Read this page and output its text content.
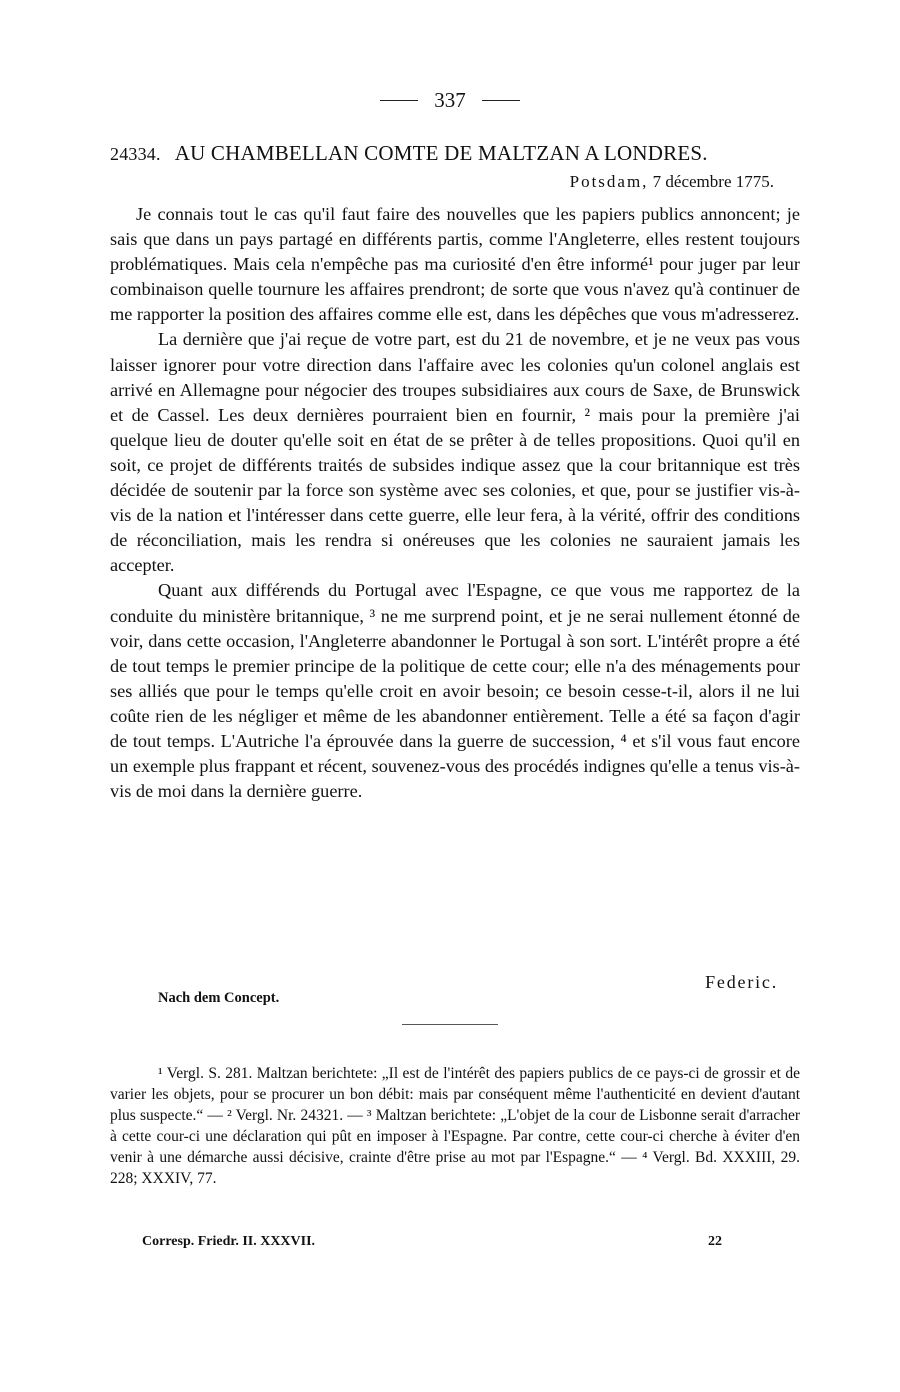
337
24334. AU CHAMBELLAN COMTE DE MALTZAN A LONDRES.
Potsdam, 7 décembre 1775.

Je connais tout le cas qu'il faut faire des nouvelles que les papiers publics annoncent; je sais que dans un pays partagé en différents partis, comme l'Angleterre, elles restent toujours problématiques. Mais cela n'empêche pas ma curiosité d'en être informé¹ pour juger par leur combinaison quelle tournure les affaires prendront; de sorte que vous n'avez qu'à continuer de me rapporter la position des affaires comme elle est, dans les dépêches que vous m'adresserez.

La dernière que j'ai reçue de votre part, est du 21 de novembre, et je ne veux pas vous laisser ignorer pour votre direction dans l'affaire avec les colonies qu'un colonel anglais est arrivé en Allemagne pour négocier des troupes subsidiaires aux cours de Saxe, de Brunswick et de Cassel. Les deux dernières pourraient bien en fournir, ² mais pour la première j'ai quelque lieu de douter qu'elle soit en état de se prêter à de telles propositions. Quoi qu'il en soit, ce projet de différents traités de subsides indique assez que la cour britannique est très décidée de soutenir par la force son système avec ses colonies, et que, pour se justifier vis-à-vis de la nation et l'intéresser dans cette guerre, elle leur fera, à la vérité, offrir des conditions de réconciliation, mais les rendra si onéreuses que les colonies ne sauraient jamais les accepter.

Quant aux différends du Portugal avec l'Espagne, ce que vous me rapportez de la conduite du ministère britannique, ³ ne me surprend point, et je ne serai nullement étonné de voir, dans cette occasion, l'Angleterre abandonner le Portugal à son sort. L'intérêt propre a été de tout temps le premier principe de la politique de cette cour; elle n'a des ménagements pour ses alliés que pour le temps qu'elle croit en avoir besoin; ce besoin cesse-t-il, alors il ne lui coûte rien de les négliger et même de les abandonner entièrement. Telle a été sa façon d'agir de tout temps. L'Autriche l'a éprouvée dans la guerre de succession, ⁴ et s'il vous faut encore un exemple plus frappant et récent, souvenez-vous des procédés indignes qu'elle a tenus vis-à-vis de moi dans la dernière guerre.

Federic.
Nach dem Concept.

¹ Vergl. S. 281. Maltzan berichtete: „Il est de l'intérêt des papiers publics de ce pays-ci de grossir et de varier les objets, pour se procurer un bon débit: mais par conséquent même l'authenticité en devient d'autant plus suspecte.“ — ² Vergl. Nr. 24321. — ³ Maltzan berichtete: „L'objet de la cour de Lisbonne serait d'arracher à cette cour-ci une déclaration qui pût en imposer à l'Espagne. Par contre, cette cour-ci cherche à éviter d'en venir à une démarche aussi décisive, crainte d'être prise au mot par l'Espagne.“ — ⁴ Vergl. Bd. XXXIII, 29. 228; XXXIV, 77.

Corresp. Friedr. II. XXXVII.	22
